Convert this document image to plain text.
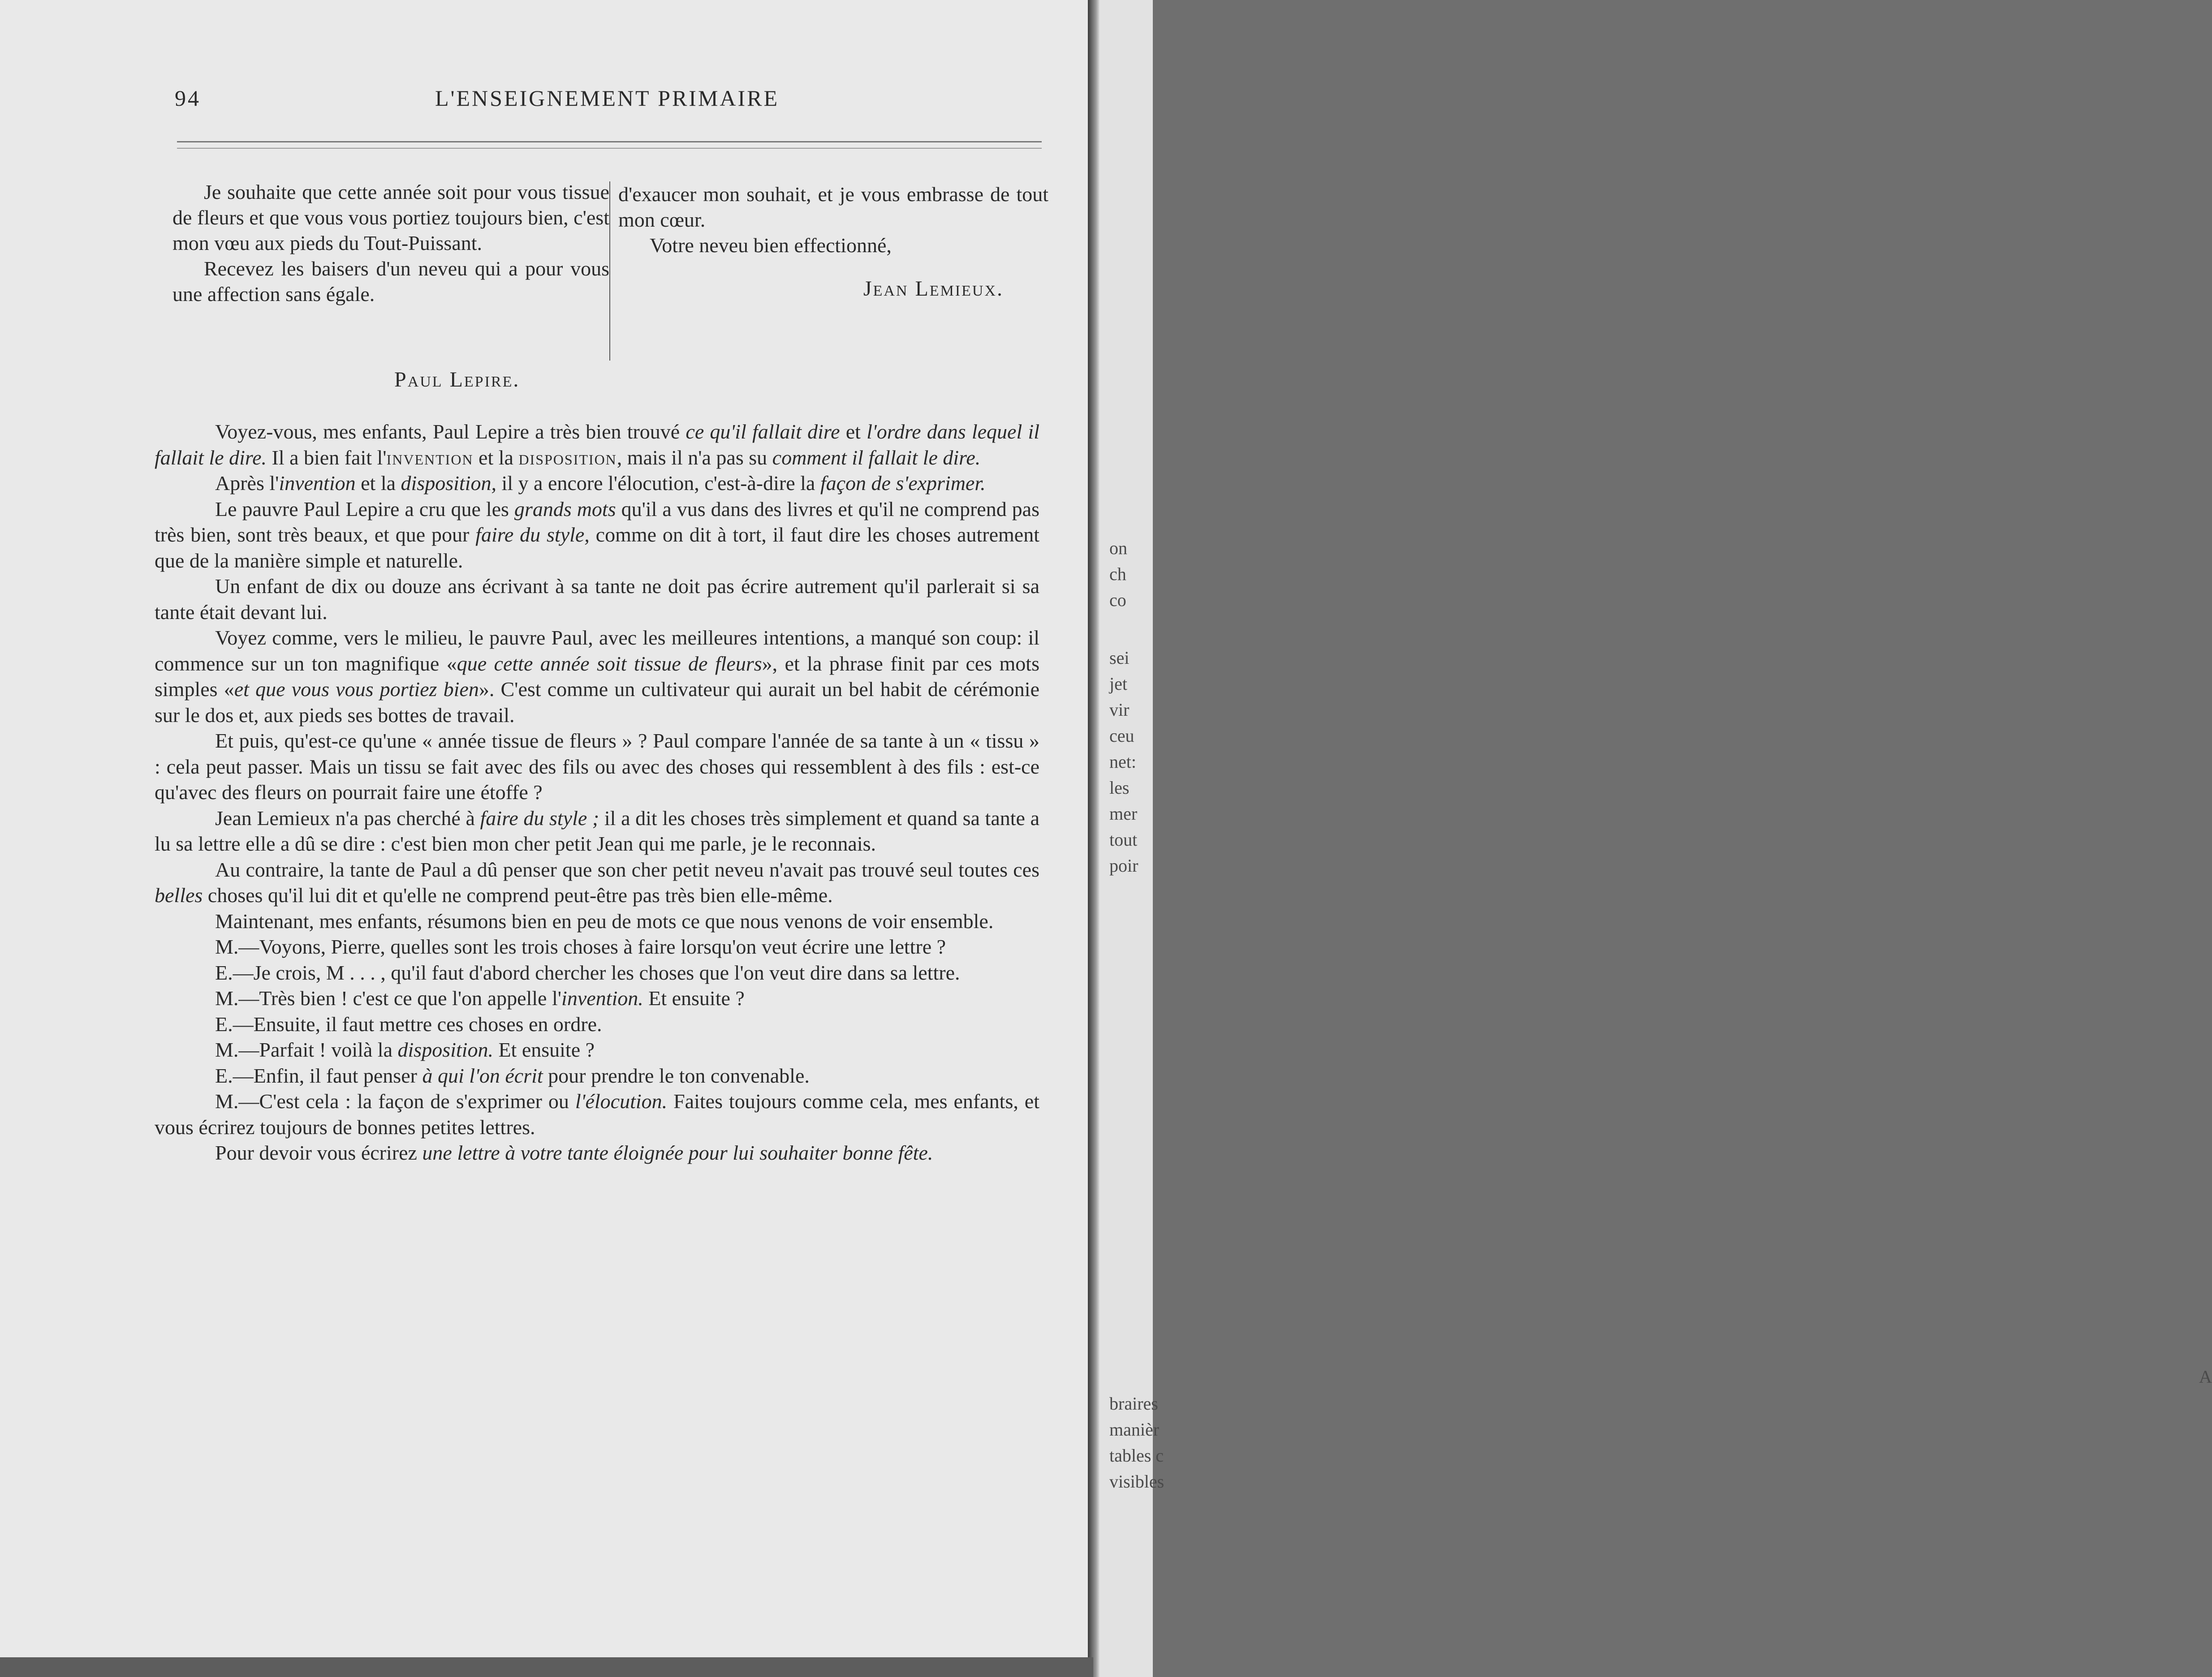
94	L'ENSEIGNEMENT PRIMAIRE

Je souhaite que cette année soit pour vous tissue de fleurs et que vous vous portiez toujours bien, c'est mon vœu aux pieds du Tout-Puissant.

Recevez les baisers d'un neveu qui a pour vous une affection sans égale.

Paul Lepire.

d'exaucer mon souhait, et je vous embrasse de tout mon cœur.

Votre neveu bien effectionné,

Jean Lemieux.

Voyez-vous, mes enfants, Paul Lepire a très bien trouvé ce qu'il fallait dire et l'ordre dans lequel il fallait le dire. Il a bien fait l'invention et la disposition, mais il n'a pas su comment il fallait le dire.

Après l'invention et la disposition, il y a encore l'élocution, c'est-à-dire la façon de s'exprimer.

Le pauvre Paul Lepire a cru que les grands mots qu'il a vus dans des livres et qu'il ne comprend pas très bien, sont très beaux, et que pour faire du style, comme on dit à tort, il faut dire les choses autrement que de la manière simple et naturelle.

Un enfant de dix ou douze ans écrivant à sa tante ne doit pas écrire autrement qu'il parlerait si sa tante était devant lui.

Voyez comme, vers le milieu, le pauvre Paul, avec les meilleures intentions, a manqué son coup: il commence sur un ton magnifique «que cette année soit tissue de fleurs», et la phrase finit par ces mots simples «et que vous vous portiez bien». C'est comme un cultivateur qui aurait un bel habit de cérémonie sur le dos et, aux pieds ses bottes de travail.

Et puis, qu'est-ce qu'une « année tissue de fleurs » ? Paul compare l'année de sa tante à un « tissu » : cela peut passer. Mais un tissu se fait avec des fils ou avec des choses qui ressemblent à des fils : est-ce qu'avec des fleurs on pourrait faire une étoffe ?

Jean Lemieux n'a pas cherché à faire du style ; il a dit les choses très simplement et quand sa tante a lu sa lettre elle a dû se dire : c'est bien mon cher petit Jean qui me parle, je le reconnais.

Au contraire, la tante de Paul a dû penser que son cher petit neveu n'avait pas trouvé seul toutes ces belles choses qu'il lui dit et qu'elle ne comprend peut-être pas très bien elle-même.

Maintenant, mes enfants, résumons bien en peu de mots ce que nous venons de voir ensemble.

M.—Voyons, Pierre, quelles sont les trois choses à faire lorsqu'on veut écrire une lettre ?

E.—Je crois, M . . . , qu'il faut d'abord chercher les choses que l'on veut dire dans sa lettre.

M.—Très bien ! c'est ce que l'on appelle l'invention. Et ensuite ?

E.—Ensuite, il faut mettre ces choses en ordre.

M.—Parfait ! voilà la disposition. Et ensuite ?

E.—Enfin, il faut penser à qui l'on écrit pour prendre le ton convenable.

M.—C'est cela : la façon de s'exprimer ou l'élocution. Faites toujours comme cela, mes enfants, et vous écrirez toujours de bonnes petites lettres.

Pour devoir vous écrirez une lettre à votre tante éloignée pour lui souhaiter bonne fête.

on
ch
co
sei
jet
vir
ceu
net:
les
mer
tout
poir
A
braires
manièr
tables c
visibles
